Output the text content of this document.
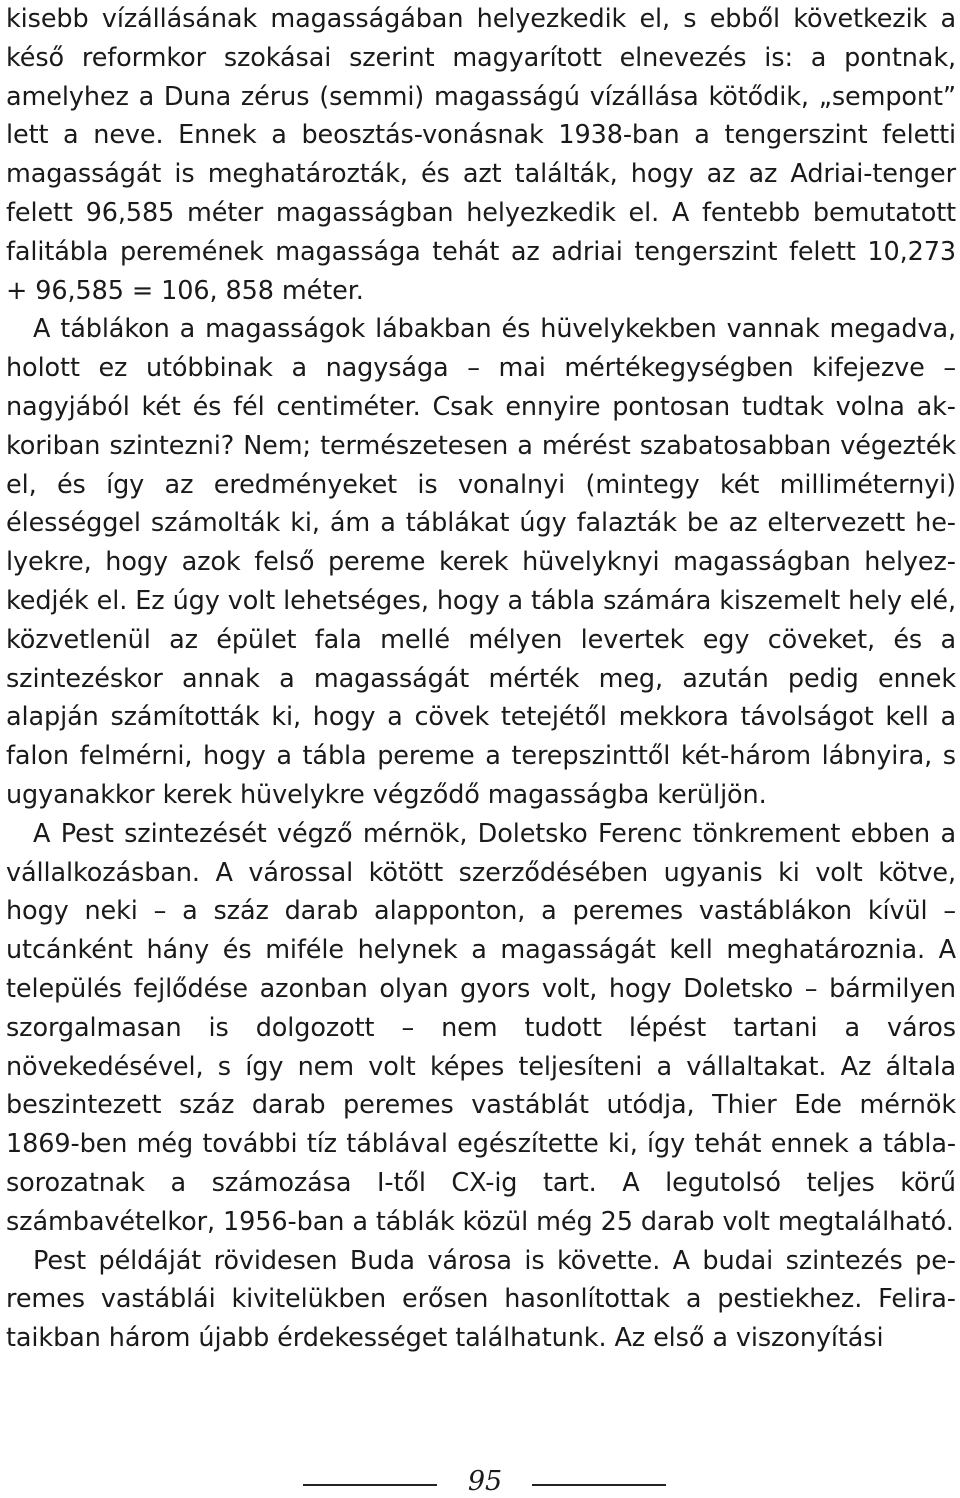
kisebb vízállásának magasságában helyezkedik el, s ebből következik a késő reformkor szokásai szerint magyarított elnevezés is: a pontnak, amelyhez a Duna zérus (semmi) magasságú vízállása kötődik, „sempont” lett a neve. Ennek a beosztás-vonásnak 1938-ban a tengerszint feletti magasságát is meghatározták, és azt találták, hogy az az Adriai-tenger felett 96,585 méter magasságban helyezkedik el. A fentebb bemutatott falitábla peremének magassága tehát az adriai tengerszint felett 10,273 + 96,585 = 106, 858 méter.

A táblákon a magasságok lábakban és hüvelykekben vannak megadva, holott ez utóbbinak a nagysága – mai mértékegységben kifejezve – nagyjából két és fél centiméter. Csak ennyire pontosan tudtak volna akkoriban szintezni? Nem; természetesen a mérést szabatosabban végezték el, és így az eredményeket is vonalnyi (mintegy két milliméternyi) élességgel számolták ki, ám a táblákat úgy falazták be az eltervezett helyekre, hogy azok felső pereme kerek hüvelyknyi magasságban helyezkedjék el. Ez úgy volt lehetséges, hogy a tábla számára kiszemelt hely elé, közvetlenül az épület fala mellé mélyen levertek egy cöveket, és a szintezéskor annak a magasságát mérték meg, azután pedig ennek alapján számították ki, hogy a cövek tetejétől mekkora távolságot kell a falon felmérni, hogy a tábla pereme a terepszinttől két-három lábnyira, s ugyanakkor kerek hüvelykre végződő magasságba kerüljön.

A Pest szintezését végző mérnök, Doletsko Ferenc tönkrement ebben a vállalkozásban. A várossal kötött szerződésében ugyanis ki volt kötve, hogy neki – a száz darab alapponton, a peremes vastáblákon kívül – utcánként hány és miféle helynek a magasságát kell meghatároznia. A település fejlődése azonban olyan gyors volt, hogy Doletsko – bármilyen szorgalmasan is dolgozott – nem tudott lépést tartani a város növekedésével, s így nem volt képes teljesíteni a vállaltakat. Az általa beszintezett száz darab peremes vastáblát utódja, Thier Ede mérnök 1869-ben még további tíz táblával egészítette ki, így tehát ennek a tábla-sorozatnak a számozása I-től CX-ig tart. A legutolsó teljes körű számbavételkor, 1956-ban a táblák közül még 25 darab volt megtalálható.

Pest példáját rövidesen Buda városa is követte. A budai szintezés peremes vastáblái kivitelükben erősen hasonlítottak a pestiekhez. Felirataikban három újabb érdekességet találhatunk. Az első a viszonyítási

95
